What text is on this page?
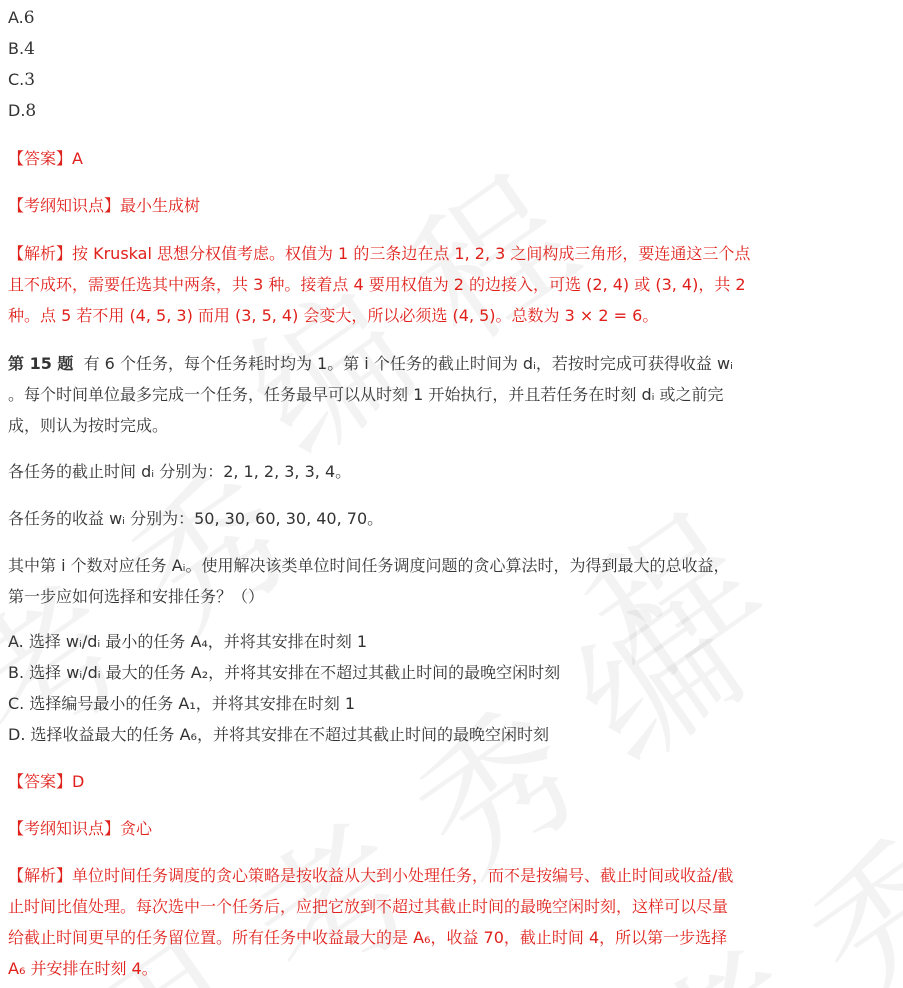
A.6
B.4
C.3
D.8
【答案】A
【考纲知识点】最小生成树
【解析】按 Kruskal 思想分权值考虑。权值为 1 的三条边在点 1, 2, 3 之间构成三角形，要连通这三个点
且不成环，需要任选其中两条，共 3 种。接着点 4 要用权值为 2 的边接入，可选 (2, 4) 或 (3, 4)，共 2
种。点 5 若不用 (4, 5, 3) 而用 (3, 5, 4) 会变大，所以必须选 (4, 5)。总数为 3 × 2 = 6。
第 15 题 有 6 个任务，每个任务耗时均为 1。第 i 个任务的截止时间为 dᵢ，若按时完成可获得收益 wᵢ
。每个时间单位最多完成一个任务，任务最早可以从时刻 1 开始执行，并且若任务在时刻 dᵢ 或之前完
成，则认为按时完成。
各任务的截止时间 dᵢ 分别为：2, 1, 2, 3, 3, 4。
各任务的收益 wᵢ 分别为：50, 30, 60, 30, 40, 70。
其中第 i 个数对应任务 Aᵢ。使用解决该类单位时间任务调度问题的贪心算法时，为得到最大的总收益，
第一步应如何选择和安排任务？（）
A. 选择 wᵢ/dᵢ 最小的任务 A₄，并将其安排在时刻 1
B. 选择 wᵢ/dᵢ 最大的任务 A₂，并将其安排在不超过其截止时间的最晚空闲时刻
C. 选择编号最小的任务 A₁，并将其安排在时刻 1
D. 选择收益最大的任务 A₆，并将其安排在不超过其截止时间的最晚空闲时刻
【答案】D
【考纲知识点】贪心
【解析】单位时间任务调度的贪心策略是按收益从大到小处理任务，而不是按编号、截止时间或收益/截
止时间比值处理。每次选中一个任务后，应把它放到不超过其截止时间的最晚空闲时刻，这样可以尽量
给截止时间更早的任务留位置。所有任务中收益最大的是 A₆，收益 70，截止时间 4，所以第一步选择
A₆ 并安排在时刻 4。
